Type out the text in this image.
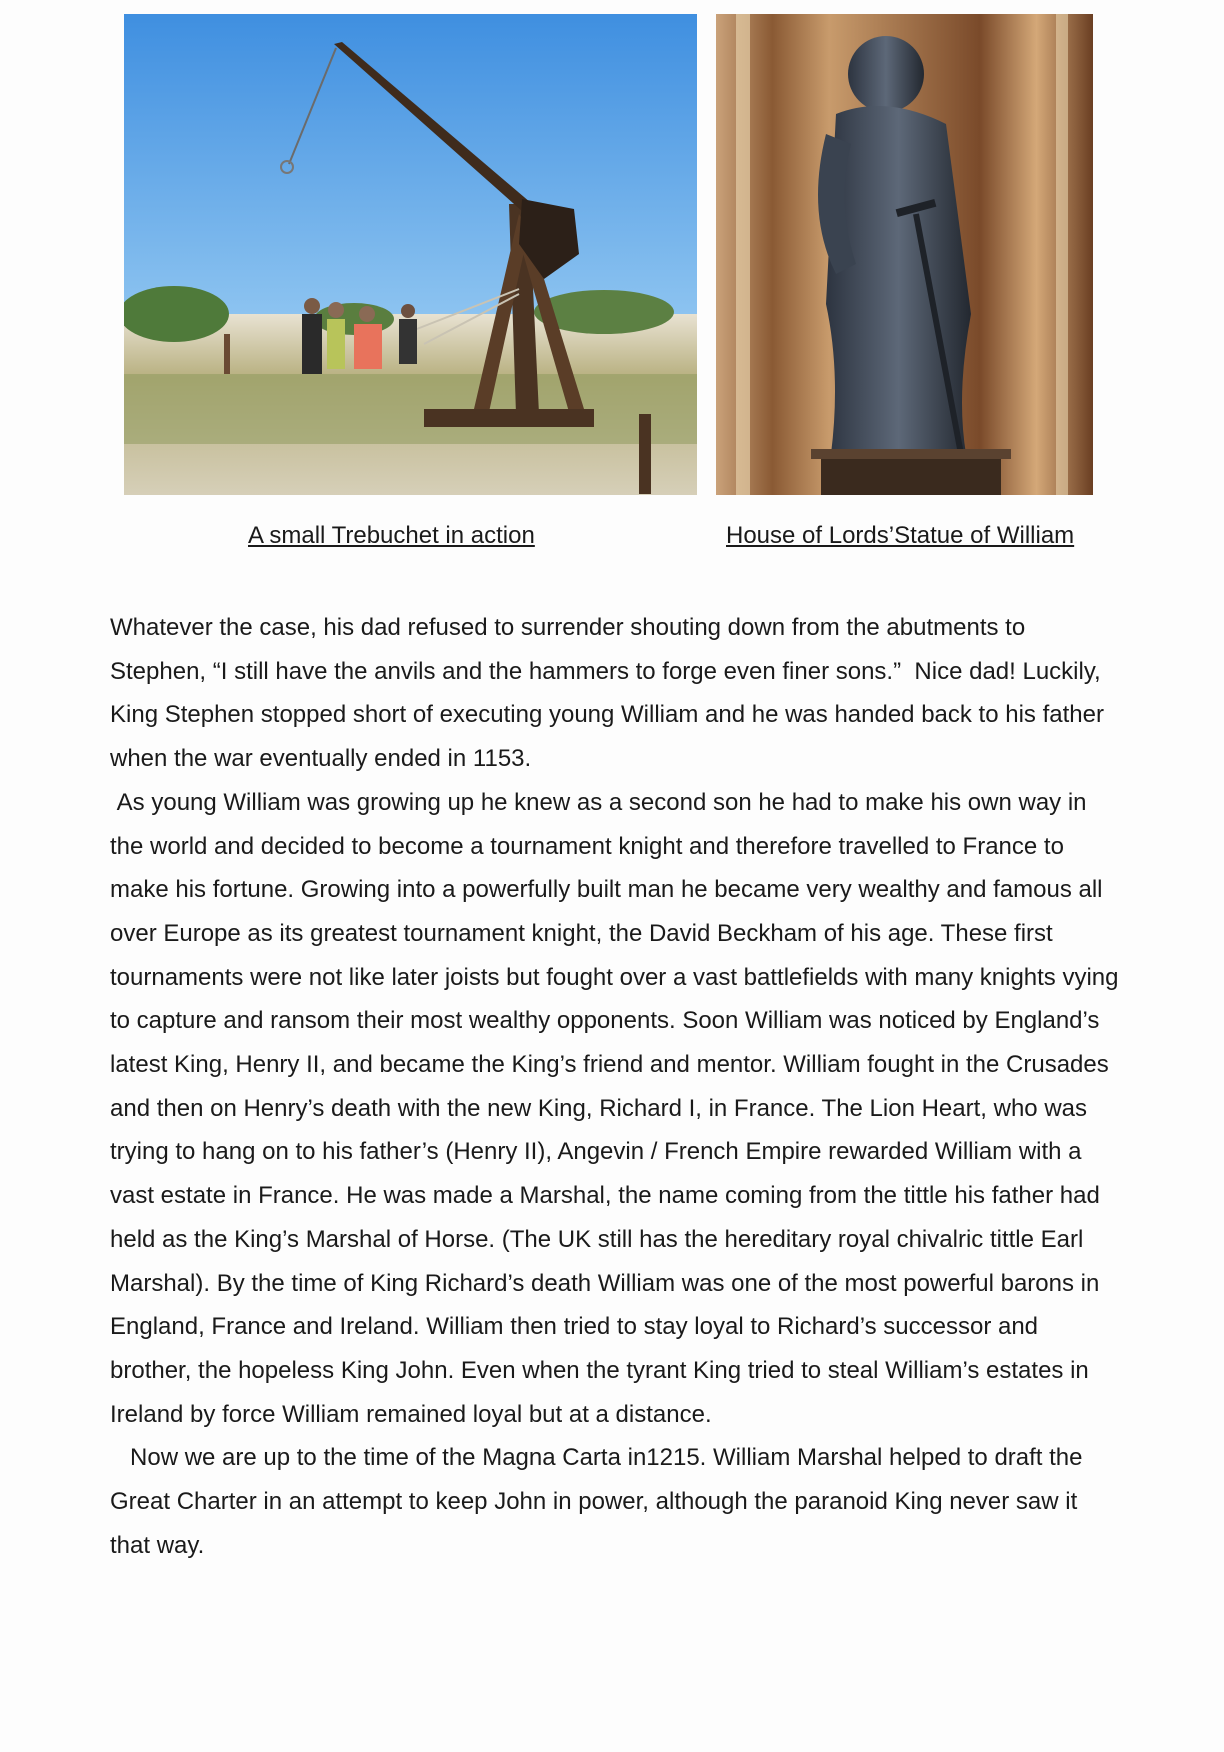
A small Trebuchet in action	House of Lords’Statue of William

Whatever the case, his dad refused to surrender shouting down from the abutments to Stephen, “I still have the anvils and the hammers to forge even finer sons.”  Nice dad! Luckily, King Stephen stopped short of executing young William and he was handed back to his father when the war eventually ended in 1153.

As young William was growing up he knew as a second son he had to make his own way in the world and decided to become a tournament knight and therefore travelled to France to make his fortune. Growing into a powerfully built man he became very wealthy and famous all over Europe as its greatest tournament knight, the David Beckham of his age. These first tournaments were not like later joists but fought over a vast battlefields with many knights vying to capture and ransom their most wealthy opponents. Soon William was noticed by England’s latest King, Henry II, and became the King’s friend and mentor. William fought in the Crusades and then on Henry’s death with the new King, Richard I, in France. The Lion Heart, who was trying to hang on to his father’s (Henry II), Angevin / French Empire rewarded William with a vast estate in France. He was made a Marshal, the name coming from the tittle his father had held as the King’s Marshal of Horse. (The UK still has the hereditary royal chivalric tittle Earl Marshal). By the time of King Richard’s death William was one of the most powerful barons in England, France and Ireland. William then tried to stay loyal to Richard’s successor and brother, the hopeless King John. Even when the tyrant King tried to steal William’s estates in Ireland by force William remained loyal but at a distance.

Now we are up to the time of the Magna Carta in1215. William Marshal helped to draft the Great Charter in an attempt to keep John in power, although the paranoid King never saw it that way.
